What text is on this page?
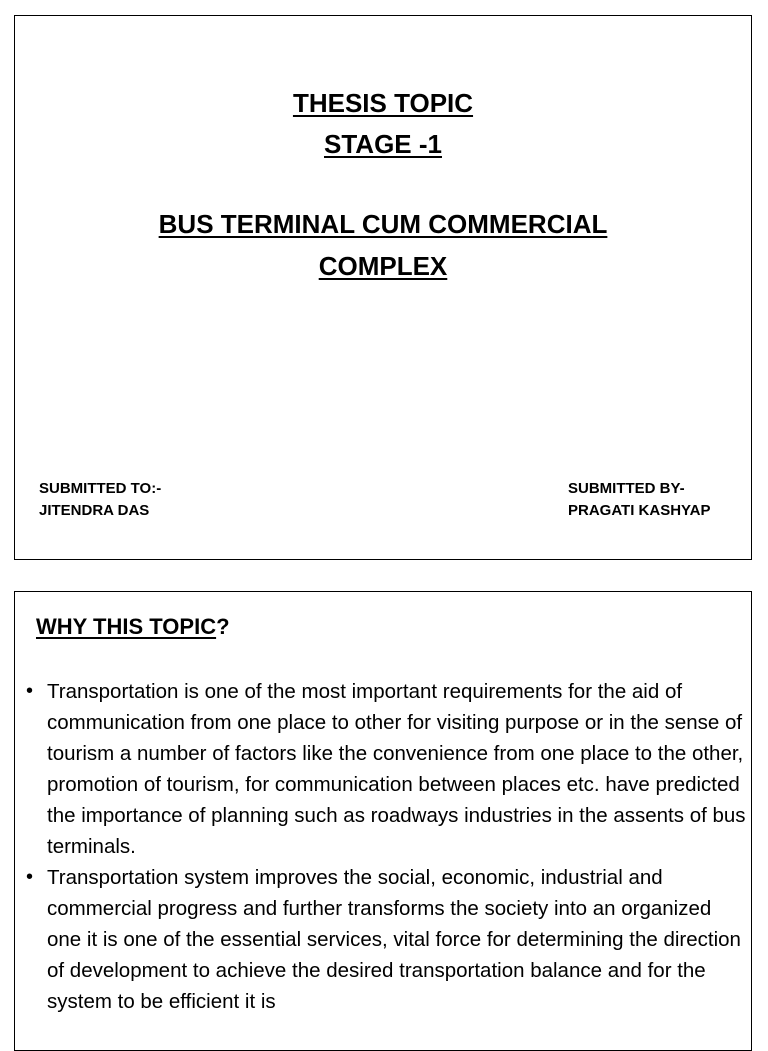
THESIS TOPIC
STAGE -1
BUS TERMINAL CUM COMMERCIAL
COMPLEX
SUBMITTED TO:-
JITENDRA DAS
SUBMITTED BY-
PRAGATI KASHYAP
WHY THIS TOPIC?
• Transportation is one of the most important requirements for the aid of communication from one place to other for visiting purpose or in the sense of tourism a number of factors like the convenience from one place to the other, promotion of tourism, for communication between places etc. have predicted the importance of planning such as roadways industries in the assents of bus terminals.
• Transportation system improves the social, economic, industrial and commercial progress and further transforms the society into an organized one it is one of the essential services, vital force for determining the direction of development to achieve the desired transportation balance and for the system to be efficient it is
